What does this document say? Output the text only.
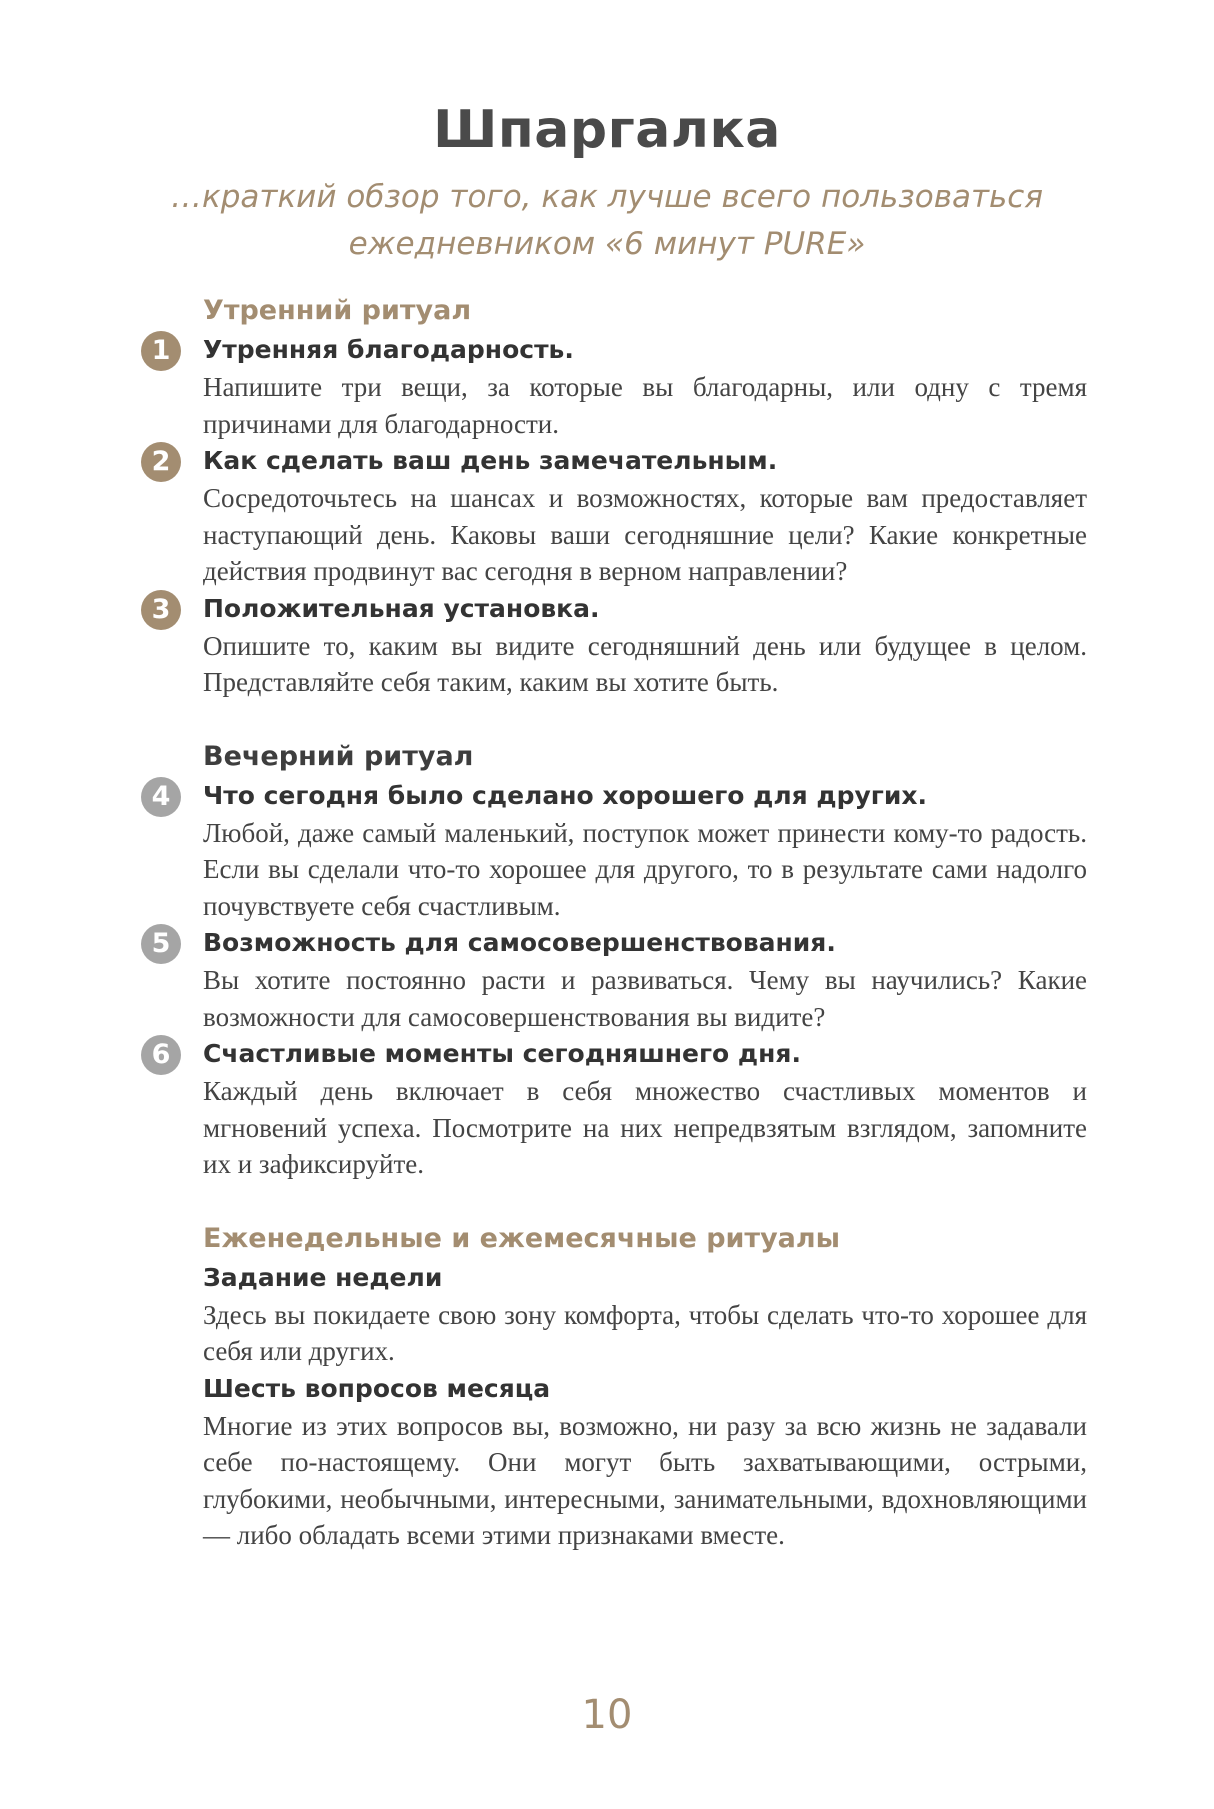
Шпаргалка
…краткий обзор того, как лучше всего пользоваться ежедневником «6 минут PURE»
Утренний ритуал
1	Утренняя благодарность.
Напишите три вещи, за которые вы благодарны, или одну с тремя причинами для благодарности.
2	Как сделать ваш день замечательным.
Сосредоточьтесь на шансах и возможностях, которые вам предоставляет наступающий день. Каковы ваши сегодняшние цели? Какие конкретные действия продвинут вас сегодня в верном направлении?
3	Положительная установка.
Опишите то, каким вы видите сегодняшний день или будущее в целом. Представляйте себя таким, каким вы хотите быть.
Вечерний ритуал
4	Что сегодня было сделано хорошего для других.
Любой, даже самый маленький, поступок может принести кому-то радость. Если вы сделали что-то хорошее для другого, то в результате сами надолго почувствуете себя счастливым.
5	Возможность для самосовершенствования.
Вы хотите постоянно расти и развиваться. Чему вы научились? Какие возможности для самосовершенствования вы видите?
6	Счастливые моменты сегодняшнего дня.
Каждый день включает в себя множество счастливых моментов и мгновений успеха. Посмотрите на них непредвзятым взглядом, запомните их и зафиксируйте.
Еженедельные и ежемесячные ритуалы
Задание недели
Здесь вы покидаете свою зону комфорта, чтобы сделать что-то хорошее для себя или других.
Шесть вопросов месяца
Многие из этих вопросов вы, возможно, ни разу за всю жизнь не задавали себе по-настоящему. Они могут быть захватывающими, острыми, глубокими, необычными, интересными, занимательными, вдохновляющими — либо обладать всеми этими признаками вместе.
10
